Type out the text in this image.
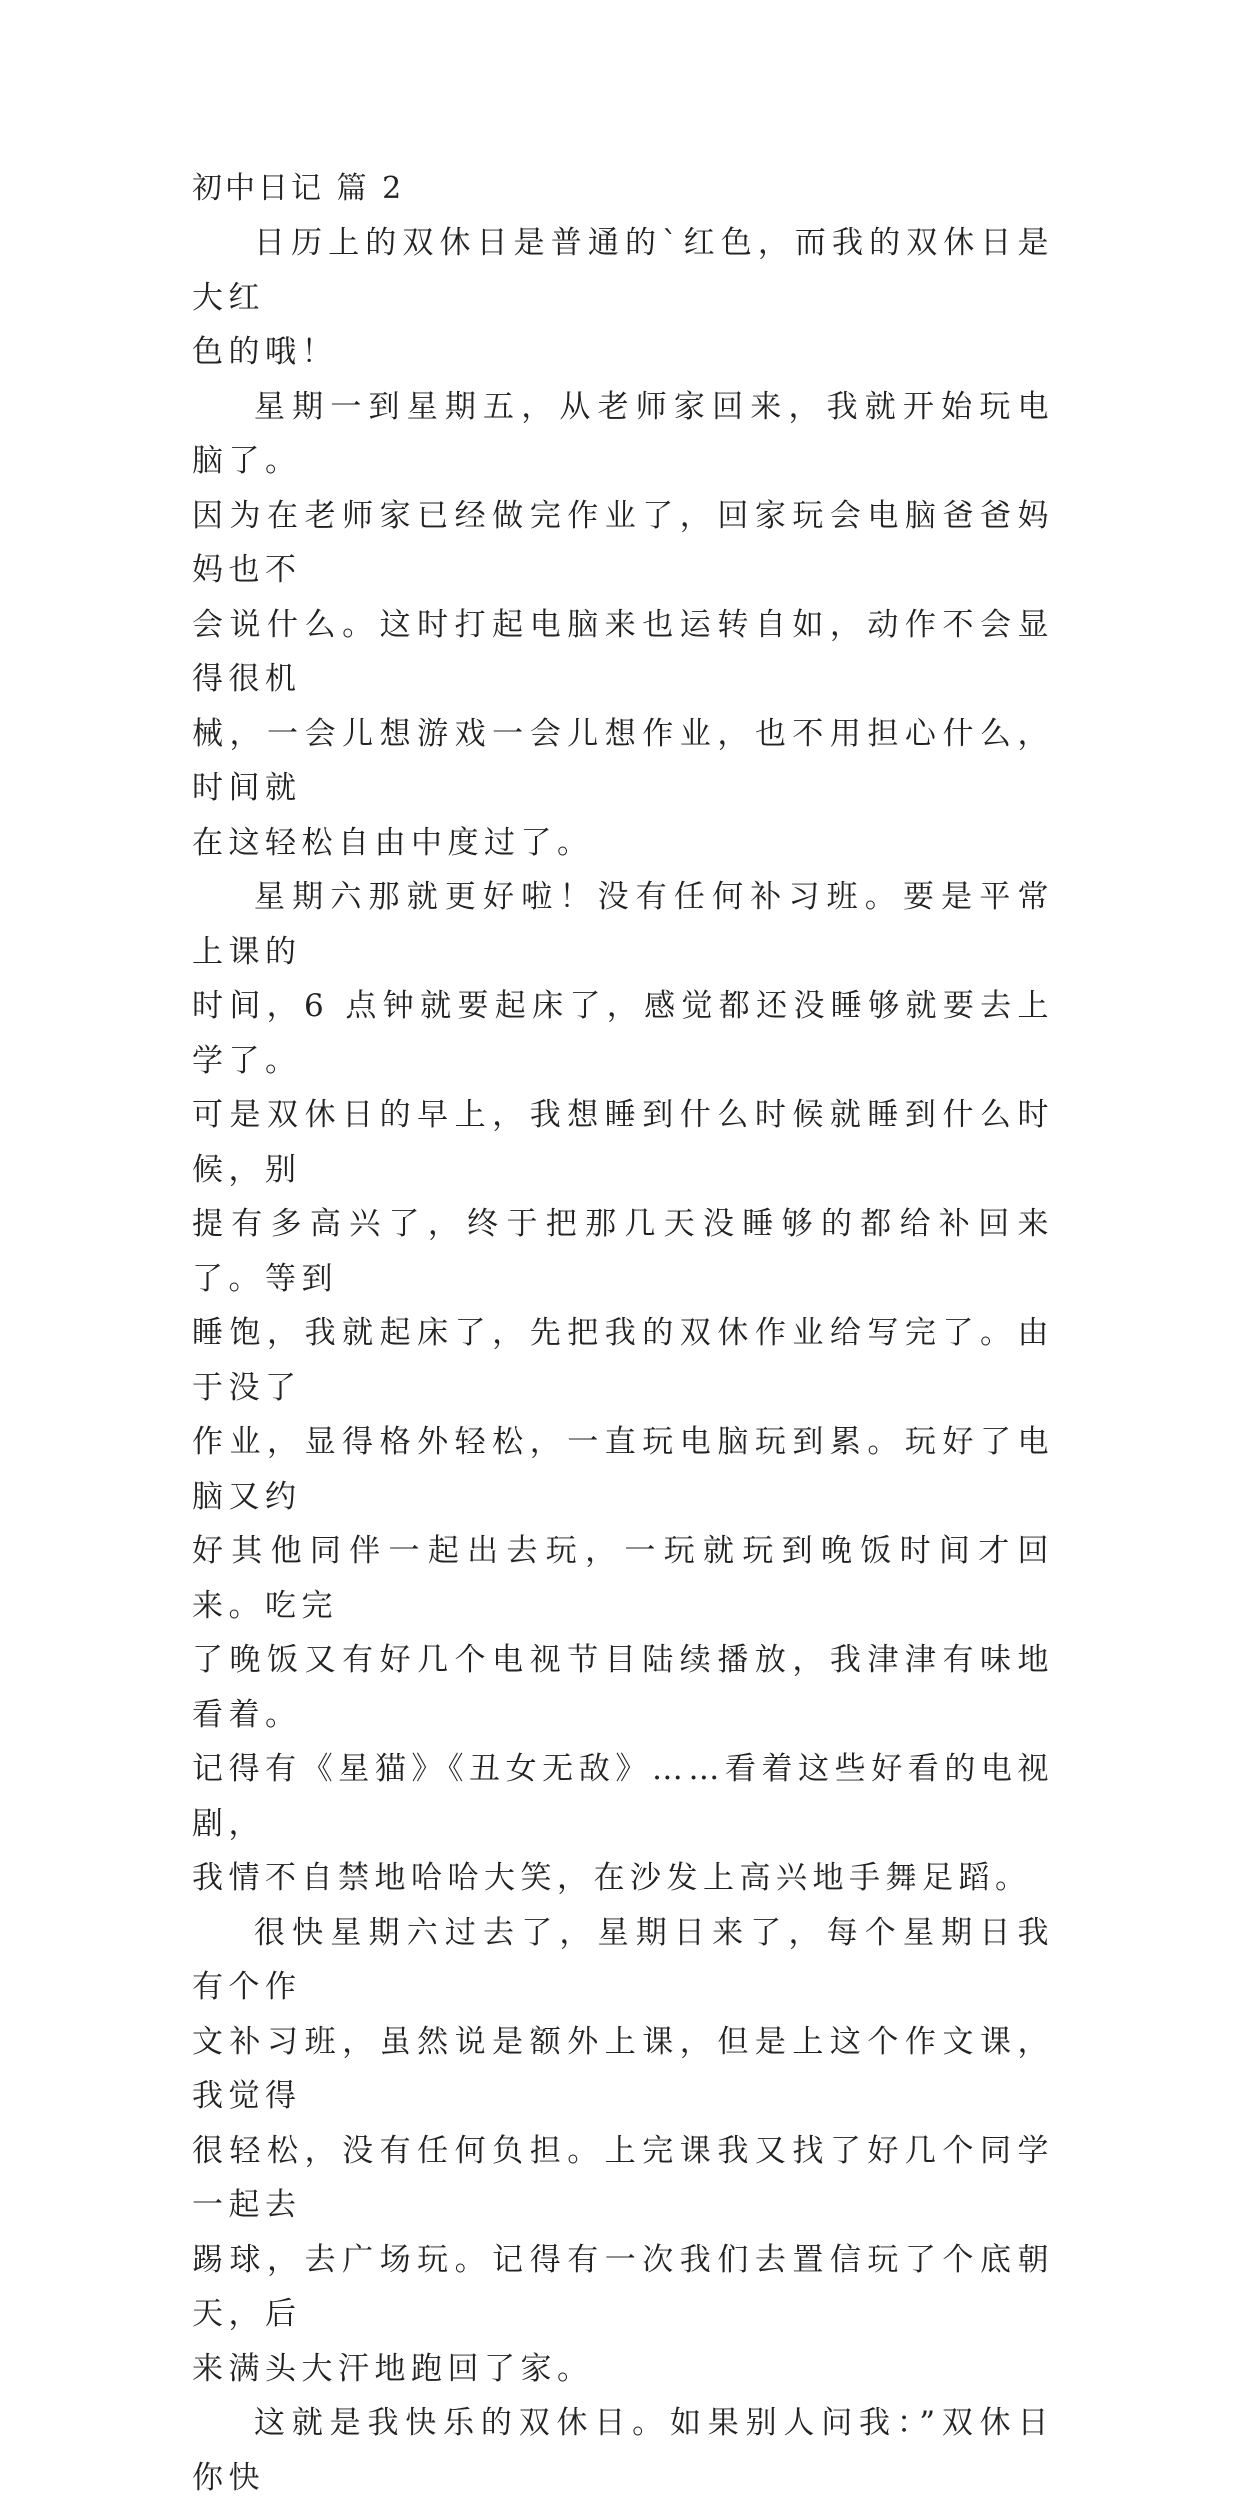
初中日记 篇 2

日历上的双休日是普通的`红色，而我的双休日是大红
色的哦！

星期一到星期五，从老师家回来，我就开始玩电脑了。
因为在老师家已经做完作业了，回家玩会电脑爸爸妈妈也不
会说什么。这时打起电脑来也运转自如，动作不会显得很机
械，一会儿想游戏一会儿想作业，也不用担心什么，时间就
在这轻松自由中度过了。

星期六那就更好啦！没有任何补习班。要是平常上课的
时间，6 点钟就要起床了，感觉都还没睡够就要去上学了。
可是双休日的早上，我想睡到什么时候就睡到什么时候，别
提有多高兴了，终于把那几天没睡够的都给补回来了。等到
睡饱，我就起床了，先把我的双休作业给写完了。由于没了
作业，显得格外轻松，一直玩电脑玩到累。玩好了电脑又约
好其他同伴一起出去玩，一玩就玩到晚饭时间才回来。吃完
了晚饭又有好几个电视节目陆续播放，我津津有味地看着。
记得有《星猫》《丑女无敌》……看着这些好看的电视剧，
我情不自禁地哈哈大笑，在沙发上高兴地手舞足蹈。

很快星期六过去了，星期日来了，每个星期日我有个作
文补习班，虽然说是额外上课，但是上这个作文课，我觉得
很轻松，没有任何负担。上完课我又找了好几个同学一起去
踢球，去广场玩。记得有一次我们去置信玩了个底朝天，后
来满头大汗地跑回了家。

这就是我快乐的双休日。如果别人问我：”双休日你快
